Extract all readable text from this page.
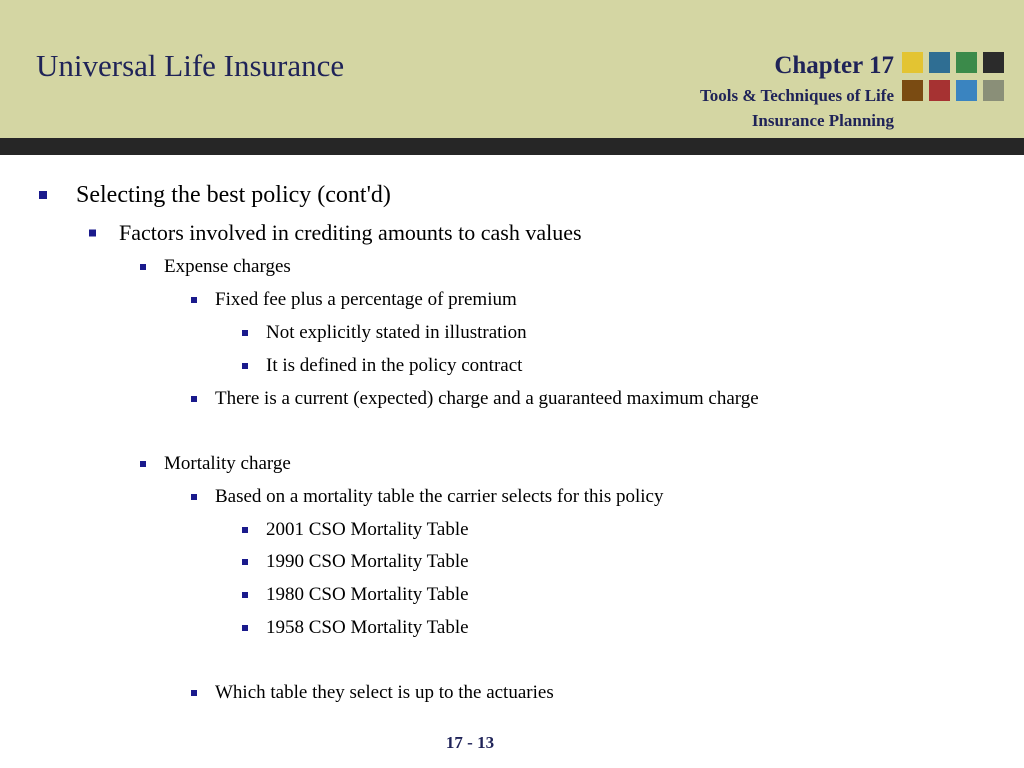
Universal Life Insurance	Chapter 17
Tools & Techniques of Life
Insurance Planning
Selecting the best policy (cont'd)
Factors involved in crediting amounts to cash values
Expense charges
Fixed fee plus a percentage of premium
Not explicitly stated in illustration
It is defined in the policy contract
There is a current (expected) charge and a guaranteed maximum charge
Mortality charge
Based on a mortality table the carrier selects for this policy
2001 CSO Mortality Table
1990 CSO Mortality Table
1980 CSO Mortality Table
1958 CSO Mortality Table
Which table they select is up to the actuaries
17 - 13
